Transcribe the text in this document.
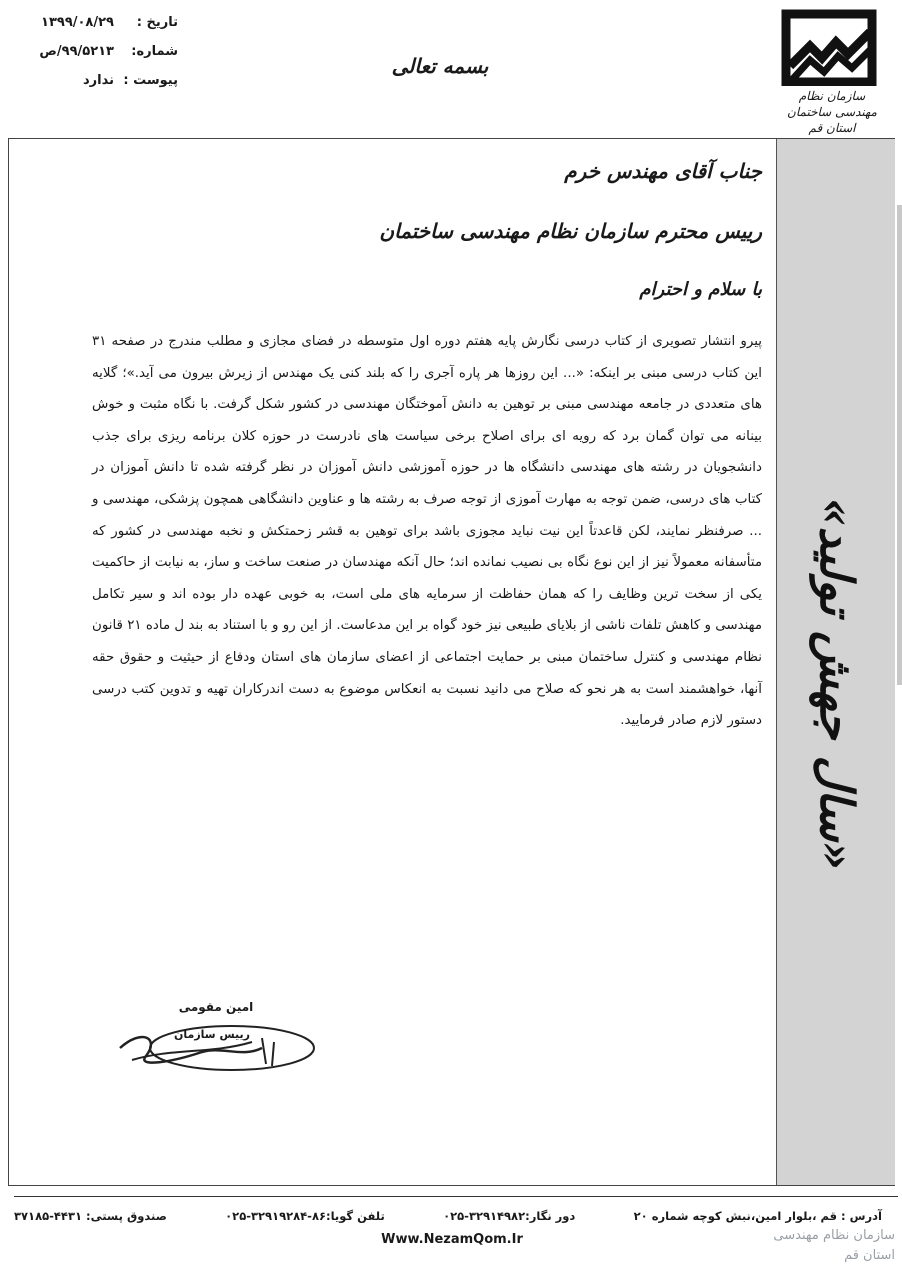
تاریخ :
۱۳۹۹/۰۸/۲۹
شماره:
۹۹/۵۲۱۳/ص
پیوست :
ندارد
بسمه تعالی
سازمان نظام مهندسی ساختمان
استان قم
«سال جهش تولید»
جناب آقای مهندس خرم
رییس محترم سازمان نظام مهندسی ساختمان
با سلام و احترام
پیرو انتشار تصویری از کتاب درسی نگارش پایه هفتم دوره اول متوسطه در فضای مجازی و مطلب مندرج در صفحه ۳۱ این کتاب درسی مبنی بر اینکه: «... این روزها هر پاره آجری را که بلند کنی یک مهندس از زیرش بیرون می آید.»؛ گلایه های متعددی در جامعه مهندسی مبنی بر توهین به دانش آموختگان مهندسی در کشور شکل گرفت. با نگاه مثبت و خوش بینانه می توان گمان برد که رویه ای برای اصلاح برخی سیاست های نادرست در حوزه کلان برنامه ریزی برای جذب دانشجویان در رشته های مهندسی دانشگاه ها در حوزه آموزشی دانش آموزان در نظر گرفته شده تا دانش آموزان در کتاب های درسی، ضمن توجه به مهارت آموزی از توجه صرف به رشته ها و عناوین دانشگاهی همچون پزشکی، مهندسی و ... صرفنظر نمایند، لکن قاعدتاً این نیت نباید مجوزی باشد برای توهین به قشر زحمتکش و نخبه مهندسی در کشور که متأسفانه معمولاً نیز از این نوع نگاه بی نصیب نمانده اند؛ حال آنکه مهندسان در صنعت ساخت و ساز، به نیابت از حاکمیت یکی از سخت ترین وظایف را که همان حفاظت از سرمایه های ملی است، به خوبی عهده دار بوده اند و سیر تکامل مهندسی و کاهش تلفات ناشی از بلایای طبیعی نیز خود گواه بر این مدعاست. از این رو و با استناد به بند ل ماده ۲۱ قانون نظام مهندسی و کنترل ساختمان مبنی بر حمایت اجتماعی از اعضای سازمان های استان ودفاع از حیثیت و حقوق حقه آنها، خواهشمند است به هر نحو که صلاح می دانید نسبت به انعکاس موضوع به دست اندرکاران تهیه و تدوین کتب درسی دستور لازم صادر فرمایید.
امین مقومی
رییس سازمان
آدرس : قم ،بلوار امین،نبش کوچه شماره ۲۰
دور نگار:۳۲۹۱۴۹۸۲-۰۲۵
تلفن گویا:۸۶-۳۲۹۱۹۲۸۴-۰۲۵
صندوق پستی: ۴۴۳۱-۳۷۱۸۵
Www.NezamQom.Ir	سازمان نظام مهندسی
استان قم
